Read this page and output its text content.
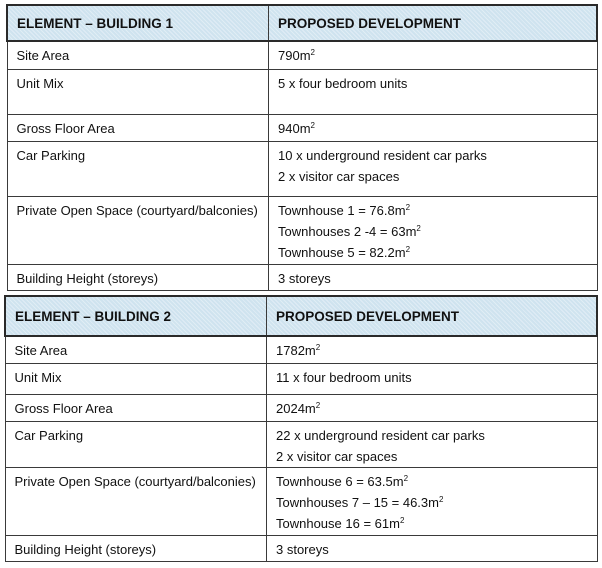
ELEMENT – BUILDING 1	PROPOSED DEVELOPMENT
Site Area	$790m^2$

Unit Mix	5 x four bedroom units

Gross Floor Area	$940m^2$

Car Parking	10 x underground resident car parks
2 x visitor car spaces

Private Open Space (courtyard/balconies)	Townhouse $1 = 76.8m^2$
Townhouses 2 $-4 = 63m^2$
Townhouse $5 = 82.2m^2$

Building Height (storeys)	3 storeys
ELEMENT – BUILDING 2	PROPOSED DEVELOPMENT
Site Area	$1782m^2$

Unit Mix	11 x four bedroom units

Gross Floor Area	$2024m^2$

Car Parking	22 x underground resident car parks
2 x visitor car spaces

Private Open Space (courtyard/balconies)	Townhouse $6 = 63.5m^2$
Townhouses $7 - 15 = 46.3m^2$
Townhouse $16 = 61m^2$

Building Height (storeys)	3 storeys
